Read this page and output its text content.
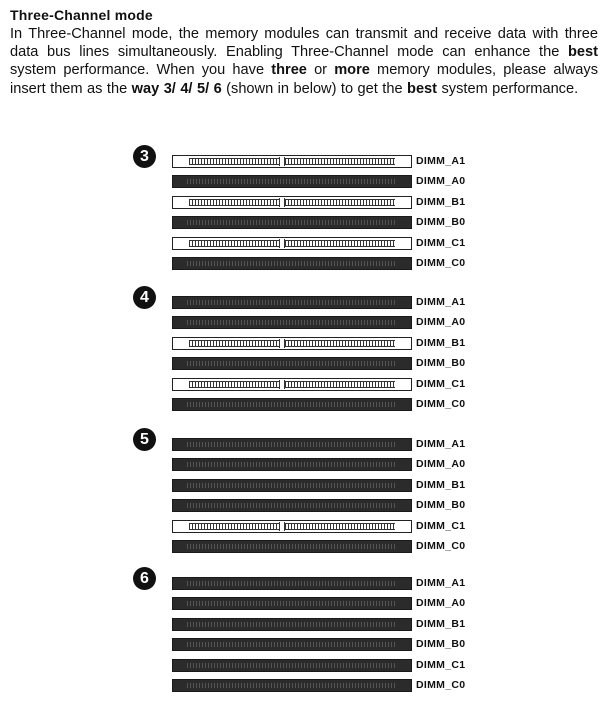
Three-Channel mode
In Three-Channel mode, the memory modules can transmit and receive data with three data bus lines simultaneously. Enabling Three-Channel mode can enhance the best system performance. When you have three or more memory modules, please always insert them as the way 3/ 4/ 5/ 6 (shown in below) to get the best system performance.
3	DIMM_A1
DIMM_A0
DIMM_B1
DIMM_B0
DIMM_C1
DIMM_C0
4	DIMM_A1
DIMM_A0
DIMM_B1
DIMM_B0
DIMM_C1
DIMM_C0
5	DIMM_A1
DIMM_A0
DIMM_B1
DIMM_B0
DIMM_C1
DIMM_C0
6	DIMM_A1
DIMM_A0
DIMM_B1
DIMM_B0
DIMM_C1
DIMM_C0
